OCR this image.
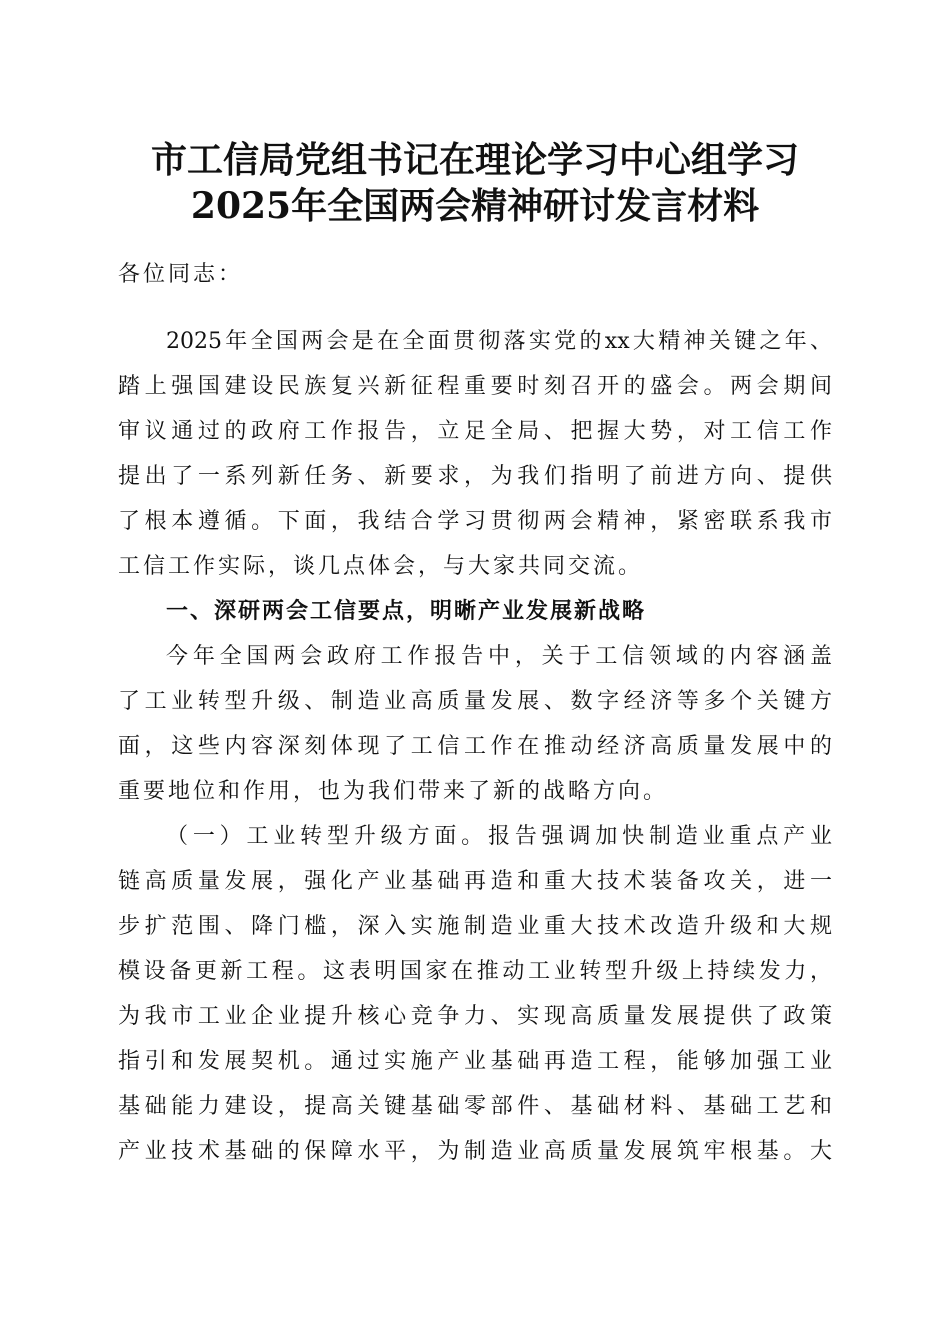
市工信局党组书记在理论学习中心组学习
2025年全国两会精神研讨发言材料
各位同志：
2025年全国两会是在全面贯彻落实党的xx大精神关键之年、
踏上强国建设民族复兴新征程重要时刻召开的盛会。两会期间
审议通过的政府工作报告，立足全局、把握大势，对工信工作
提出了一系列新任务、新要求，为我们指明了前进方向、提供
了根本遵循。下面，我结合学习贯彻两会精神，紧密联系我市
工信工作实际，谈几点体会，与大家共同交流。
一、深研两会工信要点，明晰产业发展新战略
今年全国两会政府工作报告中，关于工信领域的内容涵盖
了工业转型升级、制造业高质量发展、数字经济等多个关键方
面，这些内容深刻体现了工信工作在推动经济高质量发展中的
重要地位和作用，也为我们带来了新的战略方向。
（一）工业转型升级方面。报告强调加快制造业重点产业
链高质量发展，强化产业基础再造和重大技术装备攻关，进一
步扩范围、降门槛，深入实施制造业重大技术改造升级和大规
模设备更新工程。这表明国家在推动工业转型升级上持续发力，
为我市工业企业提升核心竞争力、实现高质量发展提供了政策
指引和发展契机。通过实施产业基础再造工程，能够加强工业
基础能力建设，提高关键基础零部件、基础材料、基础工艺和
产业技术基础的保障水平，为制造业高质量发展筑牢根基。大
